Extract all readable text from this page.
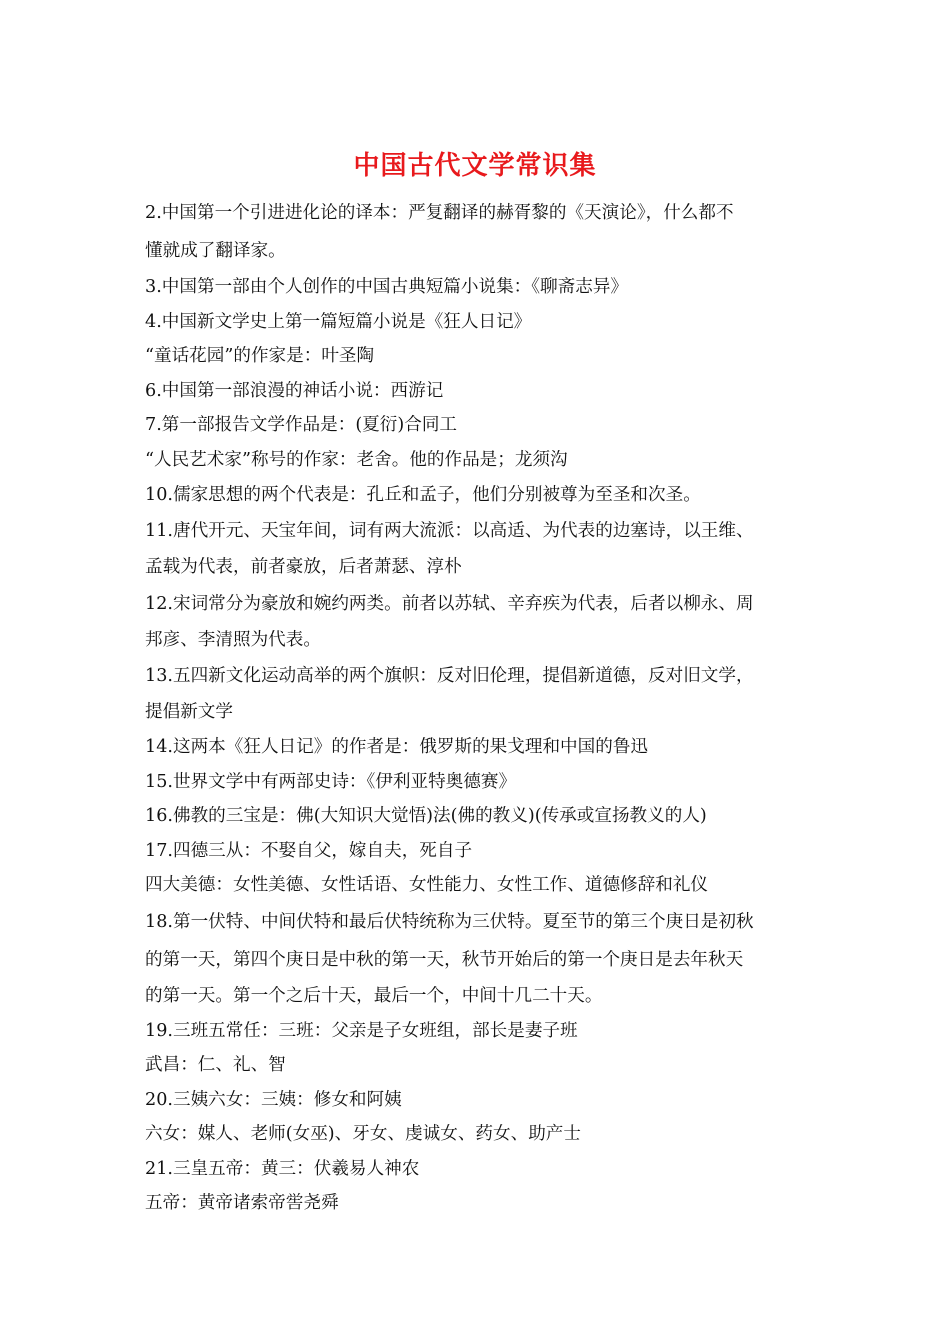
中国古代文学常识集
2.中国第一个引进进化论的译本：严复翻译的赫胥黎的《天演论》，什么都不
懂就成了翻译家。
3.中国第一部由个人创作的中国古典短篇小说集：《聊斋志异》
4.中国新文学史上第一篇短篇小说是《狂人日记》
“童话花园”的作家是：叶圣陶
6.中国第一部浪漫的神话小说：西游记
7.第一部报告文学作品是：(夏衍)合同工
“人民艺术家”称号的作家：老舍。他的作品是；龙须沟
10.儒家思想的两个代表是：孔丘和孟子，他们分别被尊为至圣和次圣。
11.唐代开元、天宝年间，词有两大流派：以高适、为代表的边塞诗，以王维、
孟载为代表，前者豪放，后者萧瑟、淳朴
12.宋词常分为豪放和婉约两类。前者以苏轼、辛弃疾为代表，后者以柳永、周
邦彦、李清照为代表。
13.五四新文化运动高举的两个旗帜：反对旧伦理，提倡新道德，反对旧文学，
提倡新文学
14.这两本《狂人日记》的作者是：俄罗斯的果戈理和中国的鲁迅
15.世界文学中有两部史诗：《伊利亚特奥德赛》
16.佛教的三宝是：佛(大知识大觉悟)法(佛的教义)(传承或宣扬教义的人)
17.四德三从：不娶自父，嫁自夫，死自子
四大美德：女性美德、女性话语、女性能力、女性工作、道德修辞和礼仪
18.第一伏特、中间伏特和最后伏特统称为三伏特。夏至节的第三个庚日是初秋
的第一天，第四个庚日是中秋的第一天，秋节开始后的第一个庚日是去年秋天
的第一天。第一个之后十天，最后一个，中间十几二十天。
19.三班五常任：三班：父亲是子女班组，部长是妻子班
武昌：仁、礼、智
20.三姨六女：三姨：修女和阿姨
六女：媒人、老师(女巫)、牙女、虔诚女、药女、助产士
21.三皇五帝：黄三：伏羲易人神农
五帝：黄帝诸索帝喾尧舜
